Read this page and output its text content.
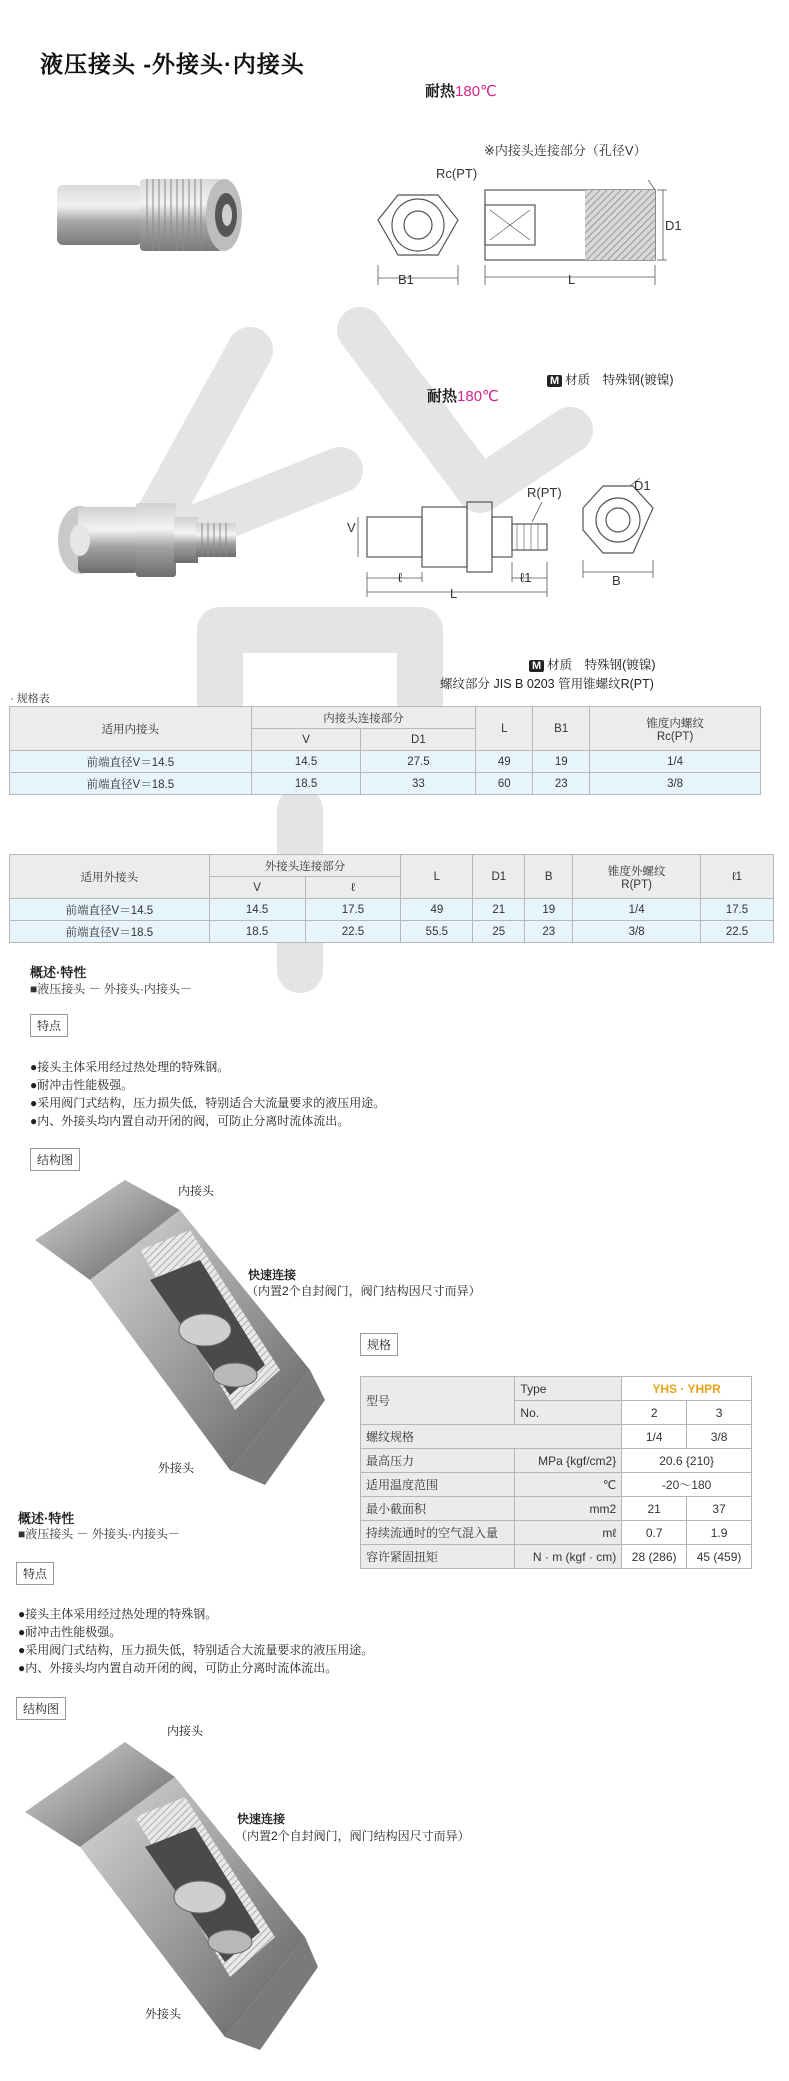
液压接头 -外接头·内接头
耐热180℃
B1
※内接头连接部分（孔径V）
Rc(PT)
L
D1
M 材质　特殊钢(镀镍)
耐热180℃
V
ℓ	ℓ1
L
R(PT)	D1
B
M 材质　特殊钢(镀镍)
螺纹部分 JIS B 0203 管用锥螺纹R(PT)
· 规格表
适用内接头	内接头连接部分		L	B1	锥度内螺纹
Rc(PT)
	V	D1			
前端直径V＝14.5	14.5	27.5	49	19	1/4
前端直径V＝18.5	18.5	33	60	23	3/8
适用外接头	外接头连接部分		L	D1	B	锥度外螺纹
R(PT)	ℓ1
	V	ℓ					
前端直径V＝14.5	14.5	17.5	49	21	19	1/4	17.5
前端直径V＝18.5	18.5	22.5	55.5	25	23	3/8	22.5
概述·特性
■液压接头 － 外接头·内接头－
特点
●接头主体采用经过热处理的特殊钢。
●耐冲击性能极强。
●采用阀门式结构，压力损失低，特别适合大流量要求的液压用途。
●内、外接头均内置自动开闭的阀，可防止分离时流体流出。
结构图
内接头
快速连接
（内置2个自封阀门，阀门结构因尺寸而异）
外接头
规格
型号	Type	YHS · YHPR	
	No.	2	3
螺纹规格		1/4	3/8
最高压力	MPa {kgf/cm2}	20.6 {210}	
适用温度范围	℃	-20～180	
最小截面积	mm2	21	37
持续流通时的空气混入量	mℓ	0.7	1.9
容许紧固扭矩	N · m (kgf · cm)	28 (286)	45 (459)
概述·特性
■液压接头 － 外接头·内接头－
特点
●接头主体采用经过热处理的特殊钢。
●耐冲击性能极强。
●采用阀门式结构，压力损失低，特别适合大流量要求的液压用途。
●内、外接头均内置自动开闭的阀，可防止分离时流体流出。
结构图
内接头
快速连接
（内置2个自封阀门，阀门结构因尺寸而异）
外接头
